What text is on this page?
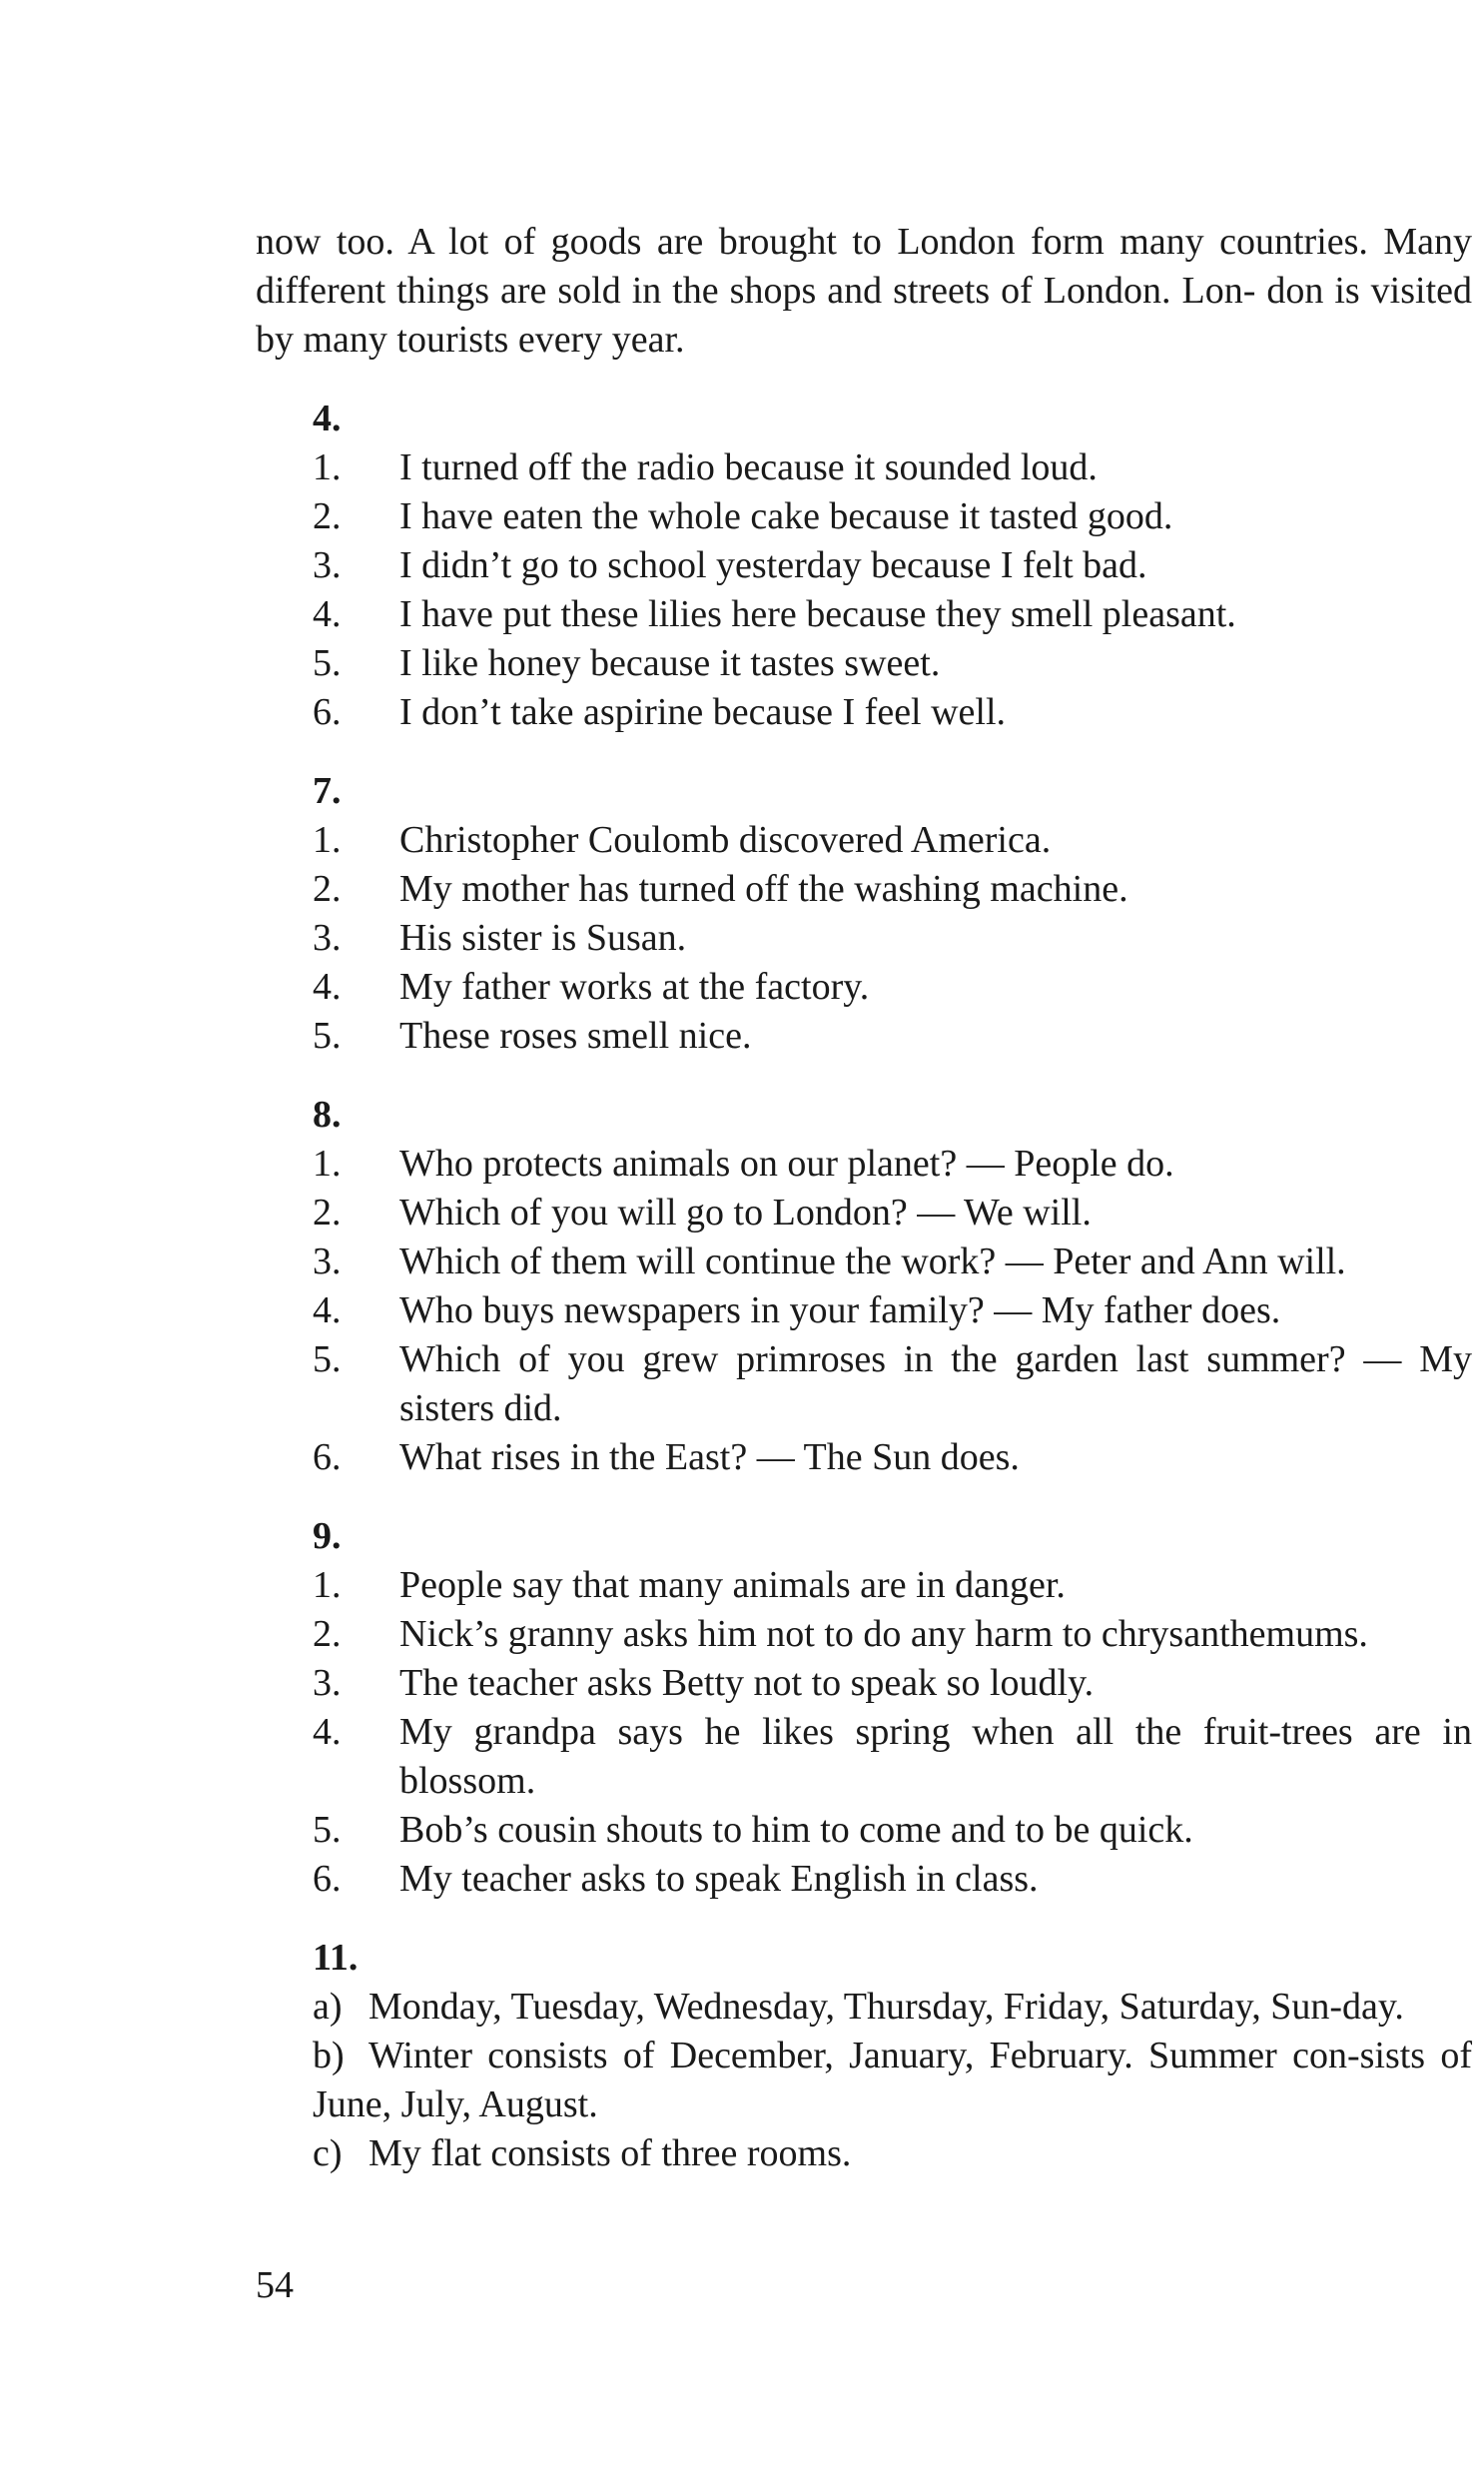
now too. A lot of goods are brought to London form many countries. Many different things are sold in the shops and streets of London. Lon- don is visited by many tourists every year.

4.

1.	I turned off the radio because it sounded loud.
2.	I have eaten the whole cake because it tasted good.
3.	I didn’t go to school yesterday because I felt bad.
4.	I have put these lilies here because they smell pleasant.
5.	I like honey because it tastes sweet.
6.	I don’t take aspirine because I feel well.

7.

1.	Christopher Coulomb discovered America.
2.	My mother has turned off the washing machine.
3.	His sister is Susan.
4.	My father works at the factory.
5.	These roses smell nice.

8.

1.	Who protects animals on our planet? — People do.
2.	Which of you will go to London? — We will.
3.	Which of them will continue the work? — Peter and Ann will.
4.	Who buys newspapers in your family? — My father does.
5.	Which of you grew primroses in the garden last summer? — My sisters did.
6.	What rises in the East? — The Sun does.

9.

1.	People say that many animals are in danger.
2.	Nick’s granny asks him not to do any harm to chrysanthemums.
3.	The teacher asks Betty not to speak so loudly.
4.	My grandpa says he likes spring when all the fruit-trees are in blossom.
5.	Bob’s cousin shouts to him to come and to be quick.
6.	My teacher asks to speak English in class.

11.

a) Monday, Tuesday, Wednesday, Thursday, Friday, Saturday, Sun-day.

b) Winter consists of December, January, February. Summer con-sists of June, July, August.

c) My flat consists of three rooms.

54
